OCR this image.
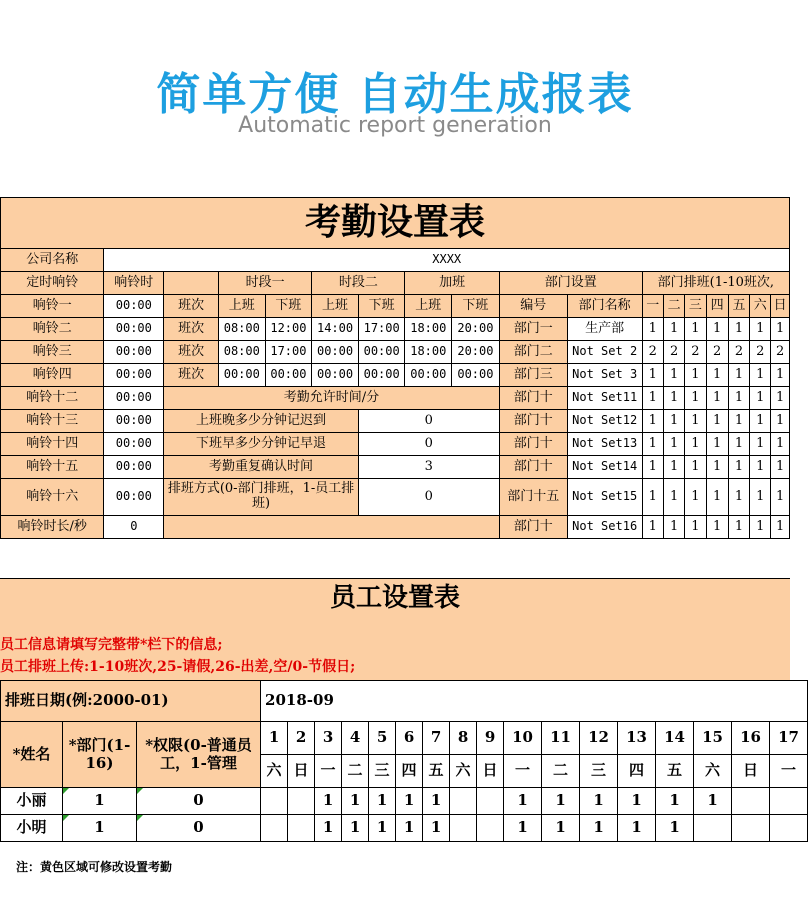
简单方便 自动生成报表
Automatic report generation
考勤设置表																	
公司名称	XXXX																
定时响铃	响铃时		时段一		时段二		加班		部门设置		部门排班(1-10班次,						
响铃一	00:00	班次	上班	下班	上班	下班	上班	下班	编号	部门名称	一	二	三	四	五	六	日
响铃二	00:00	班次	08:00	12:00	14:00	17:00	18:00	20:00	部门一	生产部	1	1	1	1	1	1	1
响铃三	00:00	班次	08:00	17:00	00:00	00:00	18:00	20:00	部门二	Not Set 2	2	2	2	2	2	2	2
响铃四	00:00	班次	00:00	00:00	00:00	00:00	00:00	00:00	部门三	Not Set 3	1	1	1	1	1	1	1
响铃十二	00:00	考勤允许时间/分							部门十	Not Set11	1	1	1	1	1	1	1
响铃十三	00:00	上班晚多少分钟记迟到				0			部门十	Not Set12	1	1	1	1	1	1	1
响铃十四	00:00	下班早多少分钟记早退				0			部门十	Not Set13	1	1	1	1	1	1	1
响铃十五	00:00	考勤重复确认时间				3			部门十	Not Set14	1	1	1	1	1	1	1
响铃十六	00:00	排班方式(0-部门排班，1-员工排班)				0			部门十五	Not Set15	1	1	1	1	1	1	1
响铃时长/秒	0								部门十	Not Set16	1	1	1	1	1	1	1
员工设置表
员工信息请填写完整带*栏下的信息;
员工排班上传:1-10班次,25-请假,26-出差,空/0-节假日;
排班日期(例:2000-01)			2018-09																
*姓名	*部门(1-16)	*权限(0-普通员工，1-管理	1	2	3	4	5	6	7	8	9	10	11	12	13	14	15	16	17
			六	日	一	二	三	四	五	六	日	一	二	三	四	五	六	日	一
小丽	1	0			1	1	1	1	1			1	1	1	1	1	1		
小明	1	0			1	1	1	1	1			1	1	1	1	1			
注：黄色区域可修改设置考勤
